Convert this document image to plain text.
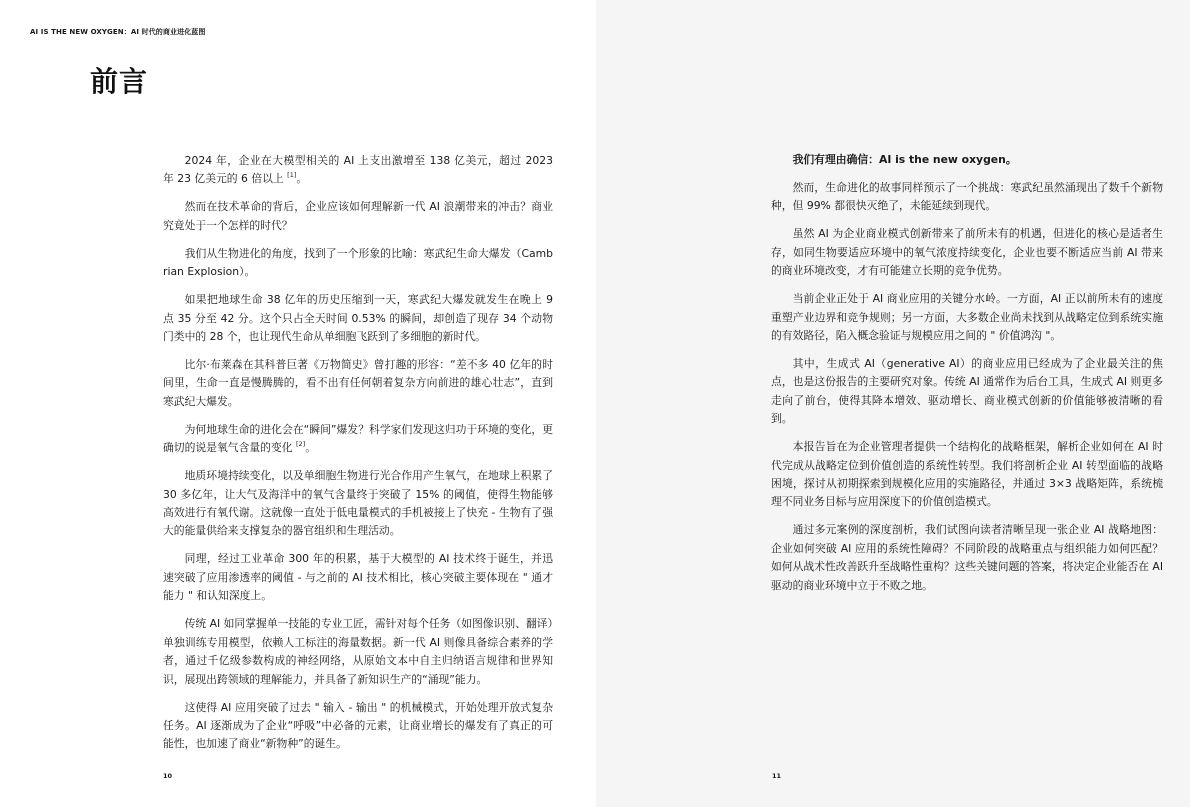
AI IS THE NEW OXYGEN：AI 时代的商业进化蓝图
前言

2024 年，企业在大模型相关的 AI 上支出激增至 138 亿美元，超过 2023 年 23 亿美元的 6 倍以上 [1]。

然而在技术革命的背后，企业应该如何理解新一代 AI 浪潮带来的冲击？商业究竟处于一个怎样的时代？

我们从生物进化的角度，找到了一个形象的比喻：寒武纪生命大爆发（Cambrian Explosion）。

如果把地球生命 38 亿年的历史压缩到一天，寒武纪大爆发就发生在晚上 9 点 35 分至 42 分。这个只占全天时间 0.53% 的瞬间，却创造了现存 34 个动物门类中的 28 个，也让现代生命从单细胞飞跃到了多细胞的新时代。

比尔·布莱森在其科普巨著《万物简史》曾打趣的形容：“差不多 40 亿年的时间里，生命一直是慢腾腾的，看不出有任何朝着复杂方向前进的雄心壮志”，直到寒武纪大爆发。

为何地球生命的进化会在“瞬间”爆发？科学家们发现这归功于环境的变化，更确切的说是氧气含量的变化 [2]。

地质环境持续变化，以及单细胞生物进行光合作用产生氧气，在地球上积累了 30 多亿年，让大气及海洋中的氧气含量终于突破了 15% 的阈值，使得生物能够高效进行有氧代谢。这就像一直处于低电量模式的手机被接上了快充 - 生物有了强大的能量供给来支撑复杂的器官组织和生理活动。

同理，经过工业革命 300 年的积累，基于大模型的 AI 技术终于诞生，并迅速突破了应用渗透率的阈值 - 与之前的 AI 技术相比，核心突破主要体现在 " 通才能力 " 和认知深度上。

传统 AI 如同掌握单一技能的专业工匠，需针对每个任务（如图像识别、翻译）单独训练专用模型，依赖人工标注的海量数据。新一代 AI 则像具备综合素养的学者，通过千亿级参数构成的神经网络，从原始文本中自主归纳语言规律和世界知识，展现出跨领域的理解能力，并具备了新知识生产的“涌现”能力。

这使得 AI 应用突破了过去 " 输入 - 输出 " 的机械模式，开始处理开放式复杂任务。AI 逐渐成为了企业“呼吸”中必备的元素，让商业增长的爆发有了真正的可能性，也加速了商业“新物种”的诞生。

10

我们有理由确信：AI is the new oxygen。

然而，生命进化的故事同样预示了一个挑战：寒武纪虽然涌现出了数千个新物种，但 99% 都很快灭绝了，未能延续到现代。

虽然 AI 为企业商业模式创新带来了前所未有的机遇，但进化的核心是适者生存，如同生物要适应环境中的氧气浓度持续变化，企业也要不断适应当前 AI 带来的商业环境改变，才有可能建立长期的竞争优势。

当前企业正处于 AI 商业应用的关键分水岭。一方面，AI 正以前所未有的速度重塑产业边界和竞争规则；另一方面，大多数企业尚未找到从战略定位到系统实施的有效路径，陷入概念验证与规模应用之间的 " 价值鸿沟 "。

其中，生成式 AI（generative AI）的商业应用已经成为了企业最关注的焦点，也是这份报告的主要研究对象。传统 AI 通常作为后台工具，生成式 AI 则更多走向了前台，使得其降本增效、驱动增长、商业模式创新的价值能够被清晰的看到。

本报告旨在为企业管理者提供一个结构化的战略框架，解析企业如何在 AI 时代完成从战略定位到价值创造的系统性转型。我们将剖析企业 AI 转型面临的战略困境，探讨从初期探索到规模化应用的实施路径，并通过 3×3 战略矩阵，系统梳理不同业务目标与应用深度下的价值创造模式。

通过多元案例的深度剖析，我们试图向读者清晰呈现一张企业 AI 战略地图：企业如何突破 AI 应用的系统性障碍？不同阶段的战略重点与组织能力如何匹配？如何从战术性改善跃升至战略性重构？这些关键问题的答案，将决定企业能否在 AI 驱动的商业环境中立于不败之地。

11
